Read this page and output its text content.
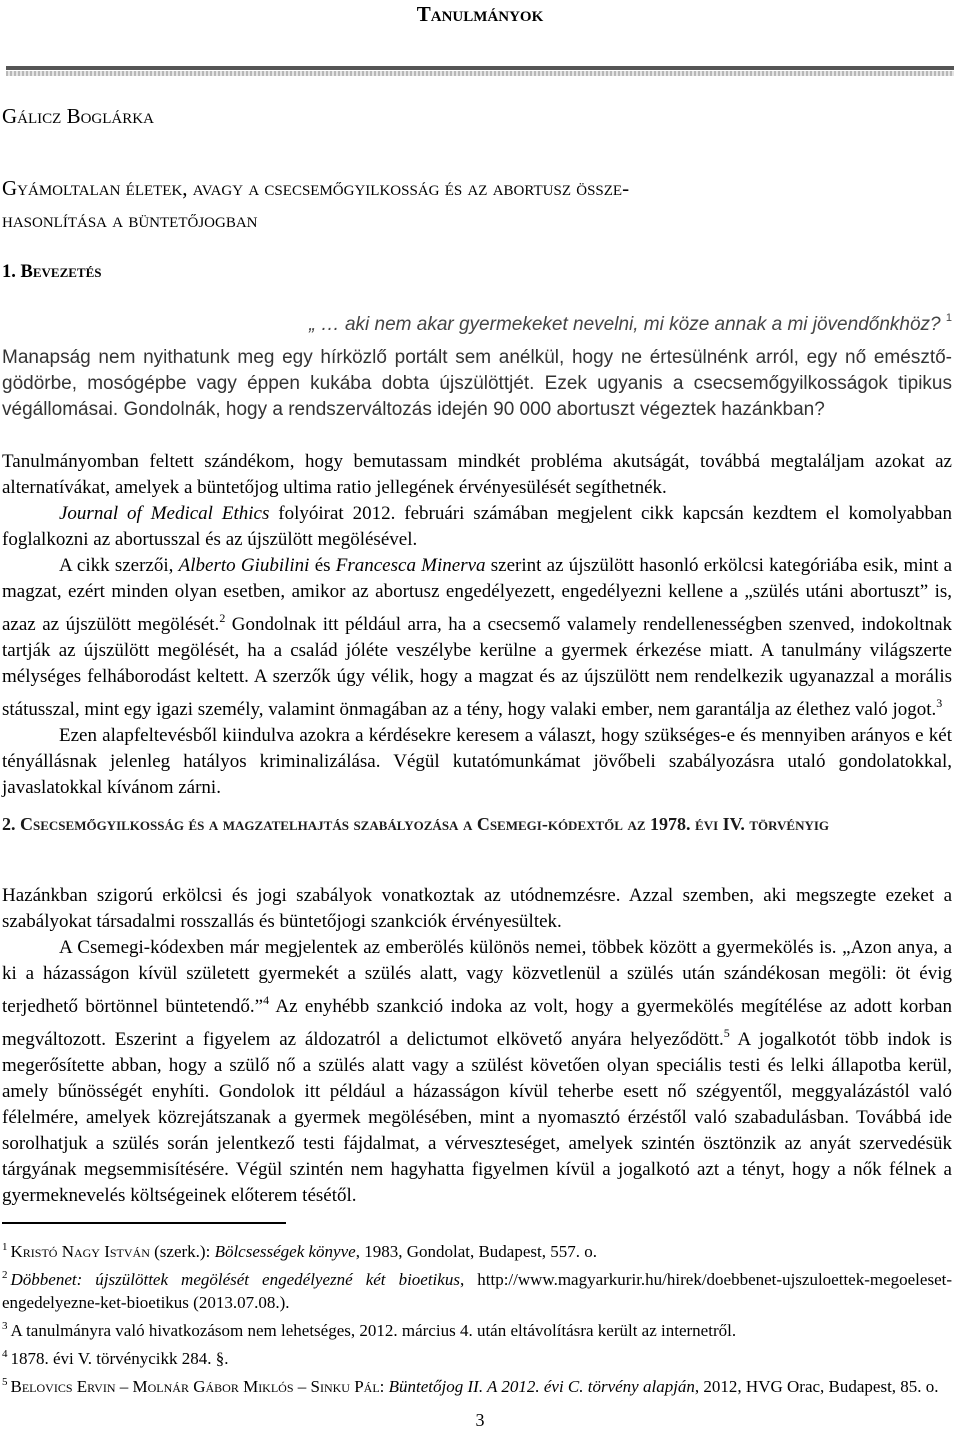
Tanulmányok
Gálicz Boglárka
Gyámoltalan életek, avagy a csecsemőgyilkosság és az abortusz össze-
hasonlítása a büntetőjogban
1. Bevezetés
„ … aki nem akar gyermekeket nevelni, mi köze annak a mi jövendőnkhöz? $^1$

Manapság nem nyithatunk meg egy hírközlő portált sem anélkül, hogy ne értesülnénk arról, egy nő emésztő-gödörbe, mosógépbe vagy éppen kukába dobta újszülöttjét. Ezek ugyanis a csecsemőgyilkosságok tipikus végállomásai. Gondolnák, hogy a rendszerváltozás idején 90 000 abortuszt végeztek hazánkban?

Tanulmányomban feltett szándékom, hogy bemutassam mindkét probléma akutságát, továbbá megtaláljam azokat az alternatívákat, amelyek a büntetőjog ultima ratio jellegének érvényesülését segíthetnék.

Journal of Medical Ethics folyóirat 2012. februári számában megjelent cikk kapcsán kezdtem el komolyabban foglalkozni az abortusszal és az újszülött megölésével.

A cikk szerzői, Alberto Giubilini és Francesca Minerva szerint az újszülött hasonló erkölcsi kategóriába esik, mint a magzat, ezért minden olyan esetben, amikor az abortusz engedélyezett, engedélyezni kellene a „szülés utáni abortuszt” is, azaz az újszülött megölését.$^2$ Gondolnak itt például arra, ha a csecsemő valamely rendellenességben szenved, indokoltnak tartják az újszülött megölését, ha a család jóléte veszélybe kerülne a gyermek érkezése miatt. A tanulmány világszerte mélységes felháborodást keltett. A szerzők úgy vélik, hogy a magzat és az újszülött nem rendelkezik ugyanazzal a morális státusszal, mint egy igazi személy, valamint önmagában az a tény, hogy valaki ember, nem garantálja az élethez való jogot.$^3$

Ezen alapfeltevésből kiindulva azokra a kérdésekre keresem a választ, hogy szükséges-e és mennyiben arányos e két tényállásnak jelenleg hatályos kriminalizálása. Végül kutatómunkámat jövőbeli szabályozásra utaló gondolatokkal, javaslatokkal kívánom zárni.

2. Csecsemőgyilkosság és a magzatelhajtás szabályozása a Csemegi-kódextől az 1978. évi IV. törvényig

Hazánkban szigorú erkölcsi és jogi szabályok vonatkoztak az utódnemzésre. Azzal szemben, aki megszegte ezeket a szabályokat társadalmi rosszallás és büntetőjogi szankciók érvényesültek.

A Csemegi-kódexben már megjelentek az emberölés különös nemei, többek között a gyermekölés is. „Azon anya, a ki a házasságon kívül született gyermekét a szülés alatt, vagy közvetlenül a szülés után szándékosan megöli: öt évig terjedhető börtönnel büntetendő.”$^4$ Az enyhébb szankció indoka az volt, hogy a gyermekölés megítélése az adott korban megváltozott. Eszerint a figyelem az áldozatról a delictumot elkövető anyára helyeződött.$^5$ A jogalkotót több indok is megerősítette abban, hogy a szülő nő a szülés alatt vagy a szülést követően olyan speciális testi és lelki állapotba kerül, amely bűnösségét enyhíti. Gondolok itt például a házasságon kívül teherbe esett nő szégyentől, meggyalázástól való félelmére, amelyek közrejátszanak a gyermek megölésében, mint a nyomasztó érzéstől való szabadulásban. Továbbá ide sorolhatjuk a szülés során jelentkező testi fájdalmat, a vérveszteséget, amelyek szintén ösztönzik az anyát szervedésük tárgyának megsemmisítésére. Végül szintén nem hagyhatta figyelmen kívül a jogalkotó azt a tényt, hogy a nők félnek a gyermeknevelés költségeinek előterem tésétől.

$^1$ Kristó Nagy István (szerk.): Bölcsességek könyve, 1983, Gondolat, Budapest, 557. o.

$^2$ Döbbenet: újszülöttek megölését engedélyezné két bioetikus, http://www.magyarkurir.hu/hirek/doebbenet-ujszuloettek-megoeleset-engedelyezne-ket-bioetikus (2013.07.08.).

$^3$ A tanulmányra való hivatkozásom nem lehetséges, 2012. március 4. után eltávolításra került az internetről.

$^4$ 1878. évi V. törvénycikk 284. §.

$^5$ Belovics Ervin – Molnár Gábor Miklós – Sinku Pál: Büntetőjog II. A 2012. évi C. törvény alapján, 2012, HVG Orac, Budapest, 85. o.

3
